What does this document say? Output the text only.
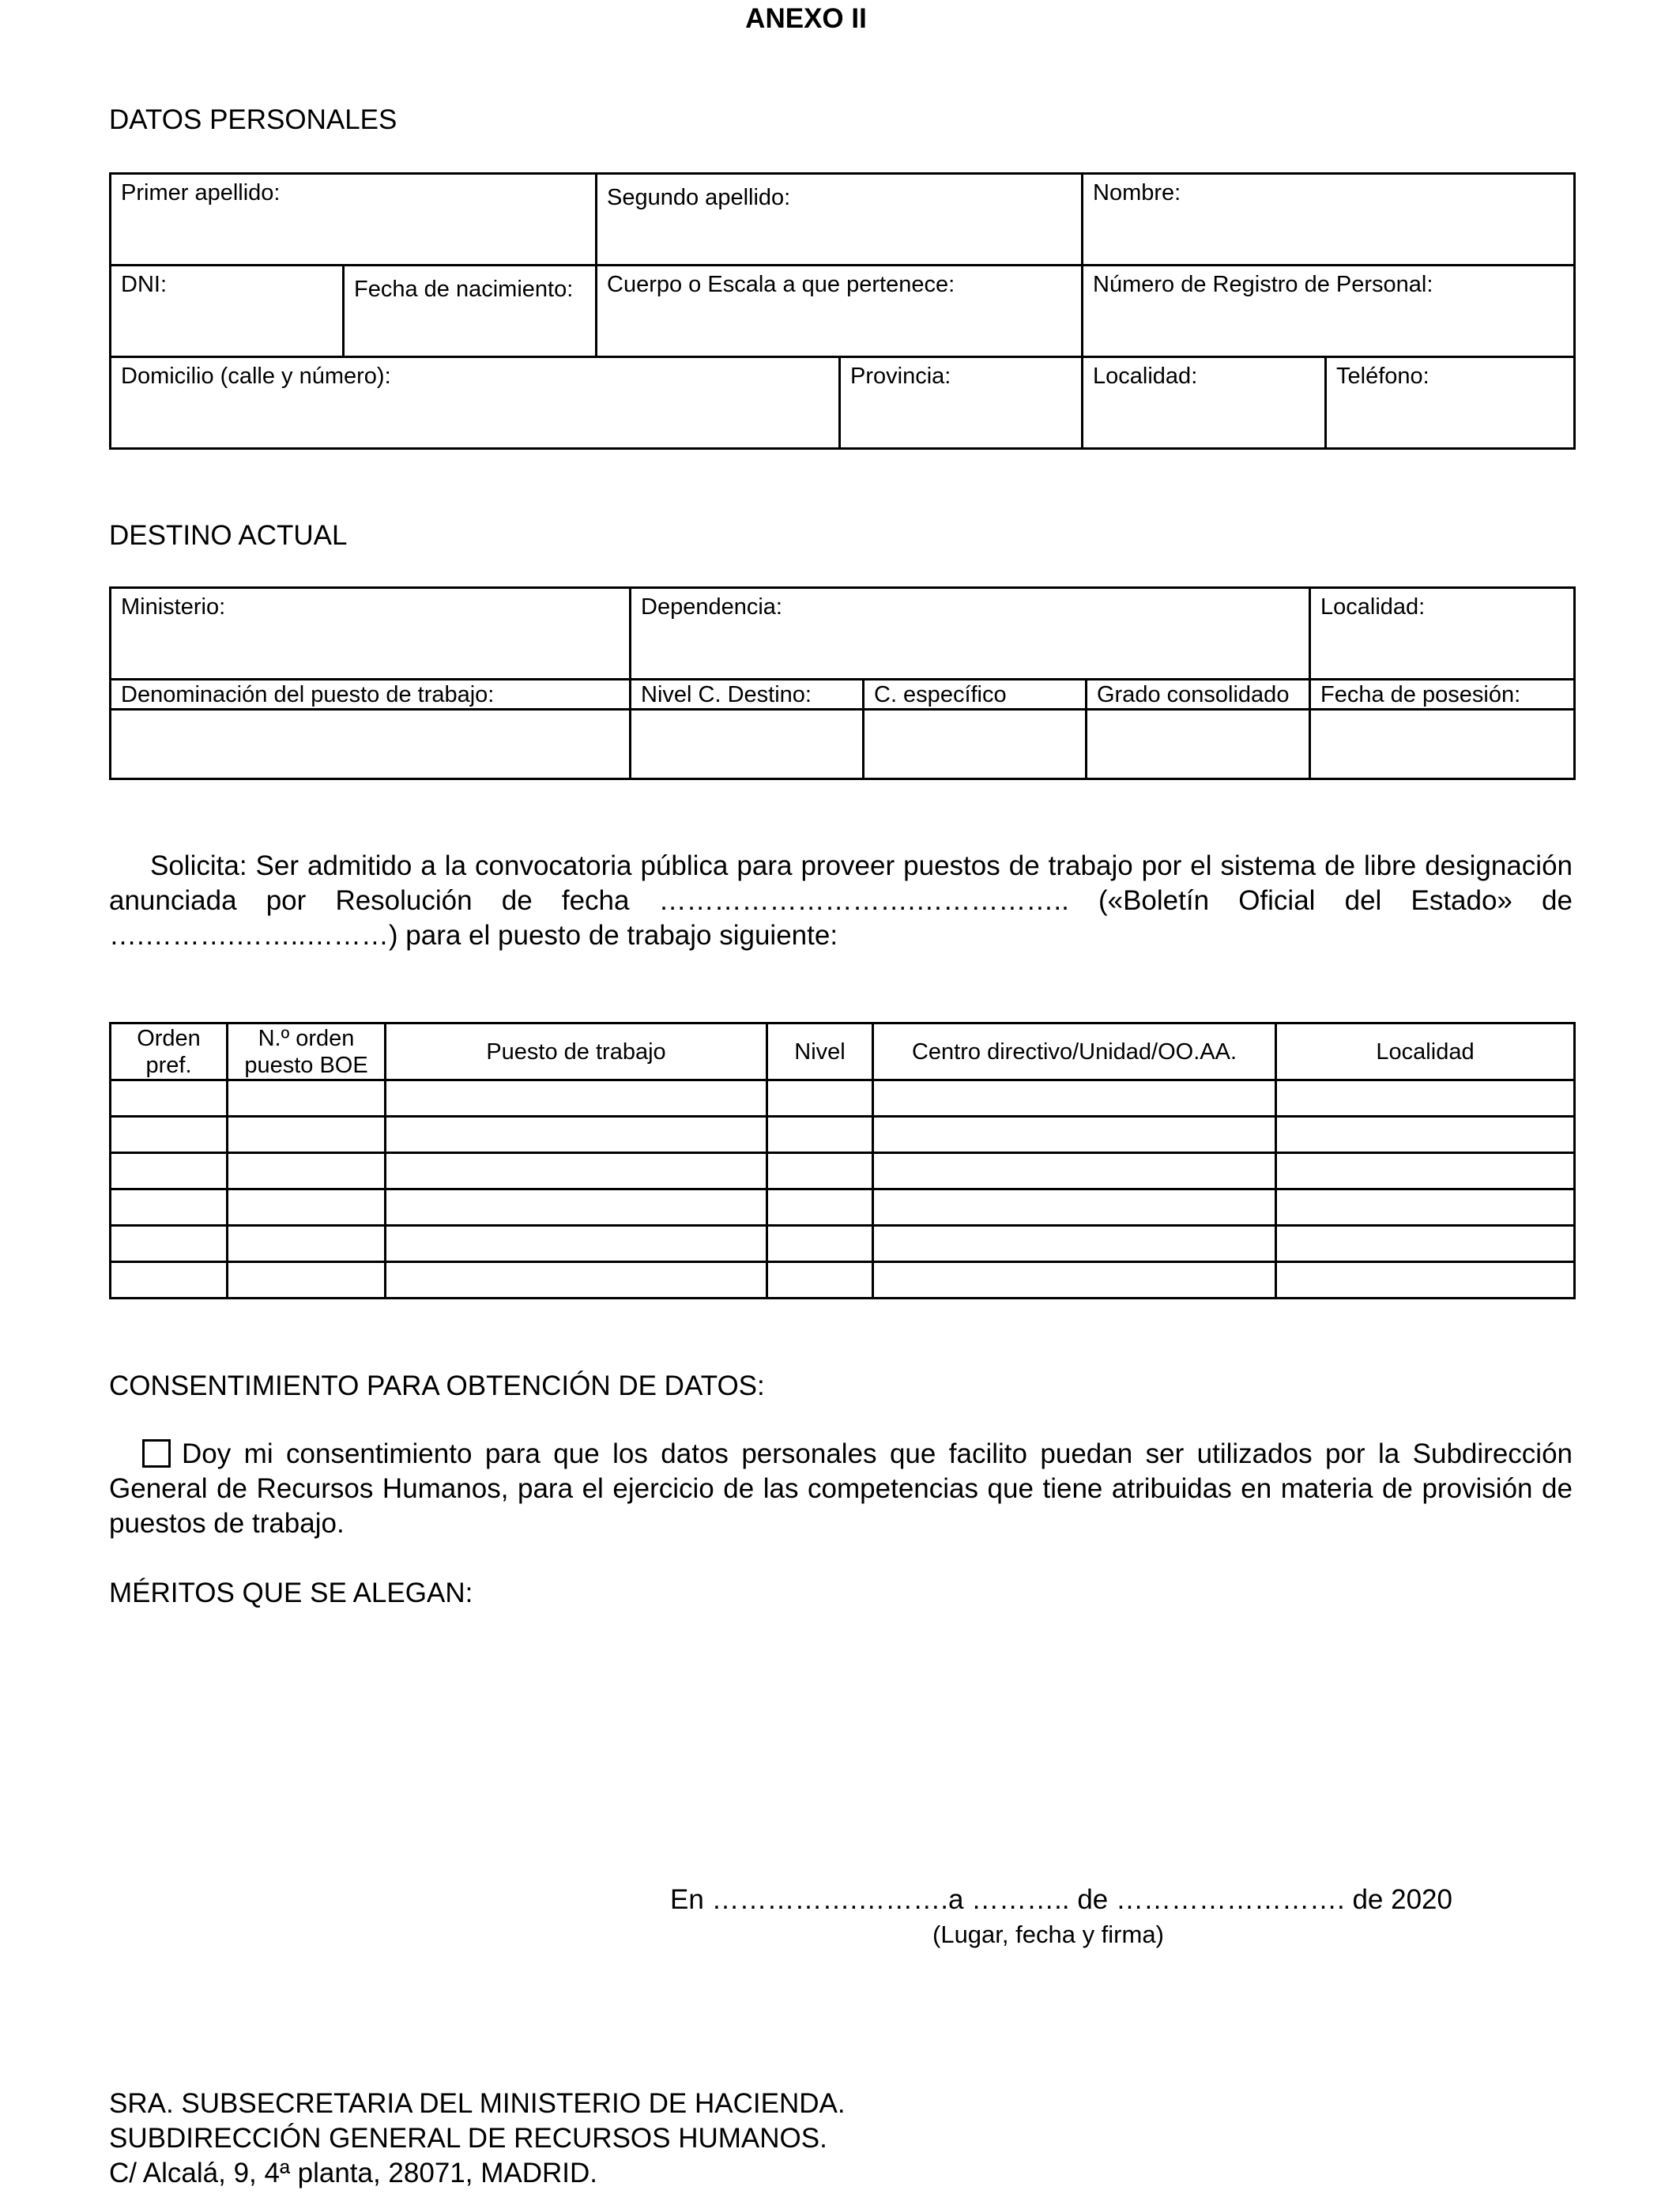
ANEXO II
DATOS PERSONALES
Primer apellido:		Segundo apellido:		Nombre:	
DNI:	Fecha de nacimiento:	Cuerpo o Escala a que pertenece:		Número de Registro de Personal:	
Domicilio (calle y número):			Provincia:	Localidad:	Teléfono:
DESTINO ACTUAL
Ministerio:	Dependencia:			Localidad:
Denominación del puesto de trabajo:	Nivel C. Destino:	C. específico	Grado consolidado	Fecha de posesión:

Solicita: Ser admitido a la convocatoria pública para proveer puestos de trabajo por el sistema de libre designación anunciada por Resolución de fecha ……………………….…………….. («Boletín Oficial del Estado» de ….……….……..………) para el puesto de trabajo siguiente:
Orden pref.	N.º orden puesto BOE	Puesto de trabajo	Nivel	Centro directivo/Unidad/OO.AA.	Localidad

CONSENTIMIENTO PARA OBTENCIÓN DE DATOS:
Doy mi consentimiento para que los datos personales que facilito puedan ser utilizados por la Subdirección General de Recursos Humanos, para el ejercicio de las competencias que tiene atribuidas en materia de provisión de puestos de trabajo.
MÉRITOS QUE SE ALEGAN:
En …………….……….a ……….. de ……………………. de 2020
(Lugar, fecha y firma)
SRA. SUBSECRETARIA DEL MINISTERIO DE HACIENDA.
SUBDIRECCIÓN GENERAL DE RECURSOS HUMANOS.
C/ Alcalá, 9, 4ª planta, 28071, MADRID.
